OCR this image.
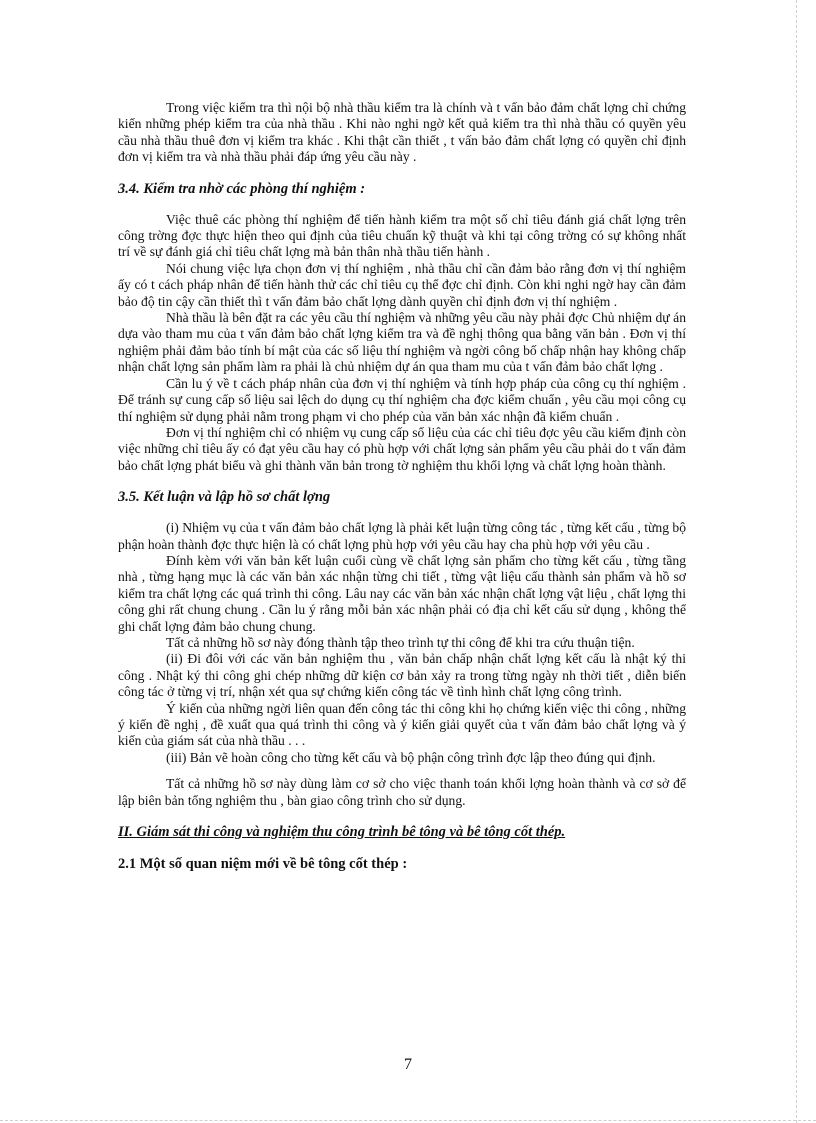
Trong việc kiểm tra thì nội bộ nhà thầu kiểm tra là chính và t vấn bảo đảm chất lợng chỉ chứng kiến những phép kiểm tra của nhà thầu . Khi nào nghi ngờ kết quả kiểm tra thì nhà thầu có quyền yêu cầu nhà thầu thuê đơn vị kiểm tra khác . Khi thật cần thiết , t vấn bảo đảm chất lợng có quyền chỉ định đơn vị kiểm tra và nhà thầu phải đáp ứng yêu cầu này .

3.4. Kiểm tra nhờ các phòng thí nghiệm :

Việc thuê các phòng thí nghiệm để tiến hành kiểm tra một số chỉ tiêu đánh giá chất lợng trên công trờng đợc thực hiện theo qui định của tiêu chuẩn kỹ thuật và khi tại công trờng có sự không nhất trí về sự đánh giá chỉ tiêu chất lợng mà bản thân nhà thầu tiến hành .

Nói chung việc lựa chọn đơn vị thí nghiệm , nhà thầu chỉ cần đảm bảo rằng đơn vị thí nghiệm ấy có t cách pháp nhân để tiến hành thử các chỉ tiêu cụ thể đợc chỉ định. Còn khi nghi ngờ hay cần đảm bảo độ tin cậy cần thiết thì t vấn đảm bảo chất lợng dành quyền chỉ định đơn vị thí nghiệm .

Nhà thầu là bên đặt ra các yêu cầu thí nghiệm và những yêu cầu này phải đợc Chủ nhiệm dự án dựa vào tham mu của t vấn đảm bảo chất lợng kiểm tra và đề nghị thông qua bằng văn bản . Đơn vị thí nghiệm phải đảm bảo tính bí mật của các số liệu thí nghiệm và ngời công bố chấp nhận hay không chấp nhận chất lợng sản phẩm làm ra phải là chủ nhiệm dự án qua tham mu của t vấn đảm bảo chất lợng .

Cần lu ý về t cách pháp nhân của đơn vị thí nghiệm và tính hợp pháp của công cụ thí nghiệm . Để tránh sự cung cấp số liệu sai lệch do dụng cụ thí nghiệm cha đợc kiểm chuẩn , yêu cầu mọi công cụ thí nghiệm sử dụng phải nằm trong phạm vi cho phép của văn bản xác nhận đã kiểm chuẩn .

Đơn vị thí nghiệm chỉ có nhiệm vụ cung cấp số liệu của các chỉ tiêu đợc yêu cầu kiểm định còn việc những chỉ tiêu ấy có đạt yêu cầu hay có phù hợp với chất lợng sản phẩm yêu cầu phải do t vấn đảm bảo chất lợng phát biểu và ghi thành văn bản trong tờ nghiệm thu khối lợng và chất lợng hoàn thành.

3.5. Kết luận và lập hồ sơ chất lợng

(i) Nhiệm vụ của t vấn đảm bảo chất lợng là phải kết luận từng công tác , từng kết cấu , từng bộ phận hoàn thành đợc thực hiện là có chất lợng phù hợp với yêu cầu hay cha phù hợp với yêu cầu .

Đính kèm với văn bản kết luận cuối cùng về chất lợng sản phẩm cho từng kết cấu , từng tầng nhà , từng hạng mục là các văn bản xác nhận từng chi tiết , từng vật liệu cấu thành sản phẩm và hồ sơ kiểm tra chất lợng các quá trình thi công. Lâu nay các văn bản xác nhận chất lợng vật liệu , chất lợng thi công ghi rất chung chung . Cần lu ý rằng mỗi bản xác nhận phải có địa chỉ kết cấu sử dụng , không thể ghi chất lợng đảm bảo chung chung.

Tất cả những hồ sơ này đóng thành tập theo trình tự thi công để khi tra cứu thuận tiện.

(ii) Đi đôi với các văn bản nghiệm thu , văn bản chấp nhận chất lợng kết cấu là nhật ký thi công . Nhật ký thi công ghi chép những dữ kiện cơ bản xảy ra trong từng ngày nh thời tiết , diễn biến công tác ở từng vị trí, nhận xét qua sự chứng kiến công tác về tình hình chất lợng công trình.

Ý kiến của những ngời liên quan đến công tác thi công khi họ chứng kiến việc thi công , những ý kiến đề nghị , đề xuất qua quá trình thi công và ý kiến giải quyết của t vấn đảm bảo chất lợng và ý kiến của giám sát của nhà thầu . . .

(iii) Bản vẽ hoàn công cho từng kết cấu và bộ phận công trình đợc lập theo đúng qui định.

Tất cả những hồ sơ này dùng làm cơ sở cho việc thanh toán khối lợng hoàn thành và cơ sở để lập biên bản tổng nghiệm thu , bàn giao công trình cho sử dụng.

II. Giám sát thi công và nghiệm thu công trình bê tông và bê tông cốt thép.
2.1 Một số quan niệm mới về bê tông cốt thép :
7
